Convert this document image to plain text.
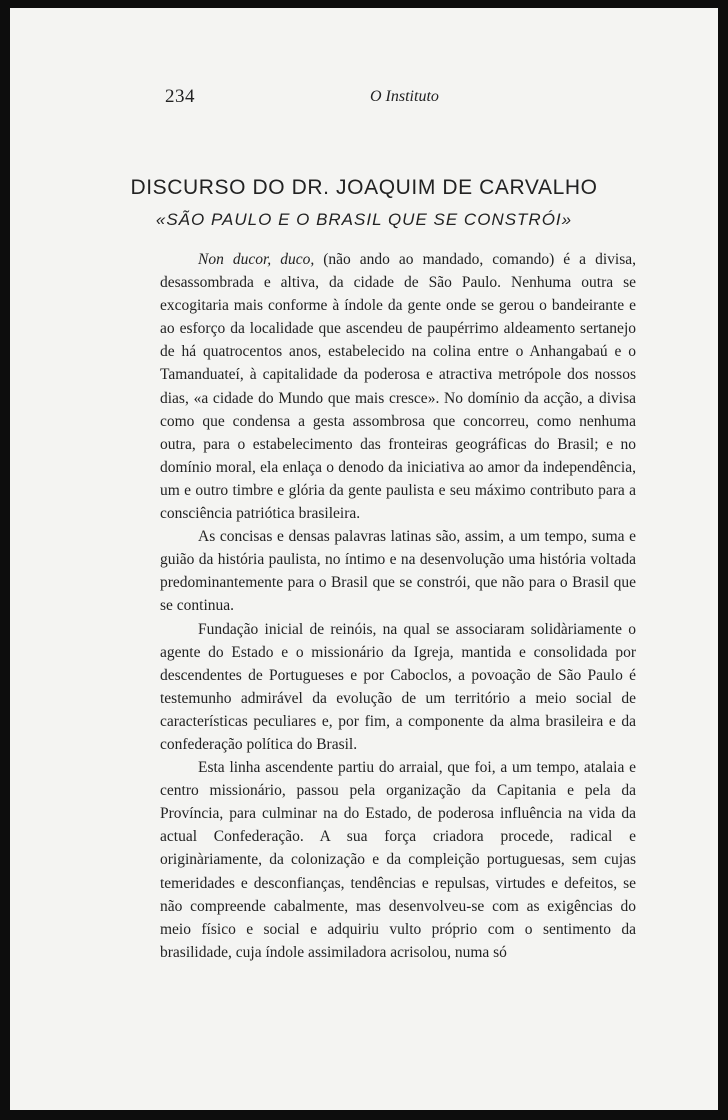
234	O Instituto
DISCURSO DO DR. JOAQUIM DE CARVALHO
«SÃO PAULO E O BRASIL QUE SE CONSTRÓI»

Non ducor, duco, (não ando ao mandado, comando) é a divisa, desassombrada e altiva, da cidade de São Paulo. Nenhuma outra se excogitaria mais conforme à índole da gente onde se gerou o bandeirante e ao esforço da localidade que ascendeu de paupérrimo aldeamento sertanejo de há quatrocentos anos, estabelecido na colina entre o Anhangabaú e o Tamanduateí, à capitalidade da poderosa e atractiva metrópole dos nossos dias, «a cidade do Mundo que mais cresce». No domínio da acção, a divisa como que condensa a gesta assombrosa que concorreu, como nenhuma outra, para o estabelecimento das fronteiras geográficas do Brasil; e no domínio moral, ela enlaça o denodo da iniciativa ao amor da independência, um e outro timbre e glória da gente paulista e seu máximo contributo para a consciência patriótica brasileira.

As concisas e densas palavras latinas são, assim, a um tempo, suma e guião da história paulista, no íntimo e na desenvolução uma história voltada predominantemente para o Brasil que se constrói, que não para o Brasil que se continua.

Fundação inicial de reinóis, na qual se associaram solidàriamente o agente do Estado e o missionário da Igreja, mantida e consolidada por descendentes de Portugueses e por Caboclos, a povoação de São Paulo é testemunho admirável da evolução de um território a meio social de características peculiares e, por fim, a componente da alma brasileira e da confederação política do Brasil.

Esta linha ascendente partiu do arraial, que foi, a um tempo, atalaia e centro missionário, passou pela organização da Capitania e pela da Província, para culminar na do Estado, de poderosa influência na vida da actual Confederação. A sua força criadora procede, radical e originàriamente, da colonização e da compleição portuguesas, sem cujas temeridades e desconfianças, tendências e repulsas, virtudes e defeitos, se não compreende cabalmente, mas desenvolveu-se com as exigências do meio físico e social e adquiriu vulto próprio com o sentimento da brasilidade, cuja índole assimiladora acrisolou, numa só
